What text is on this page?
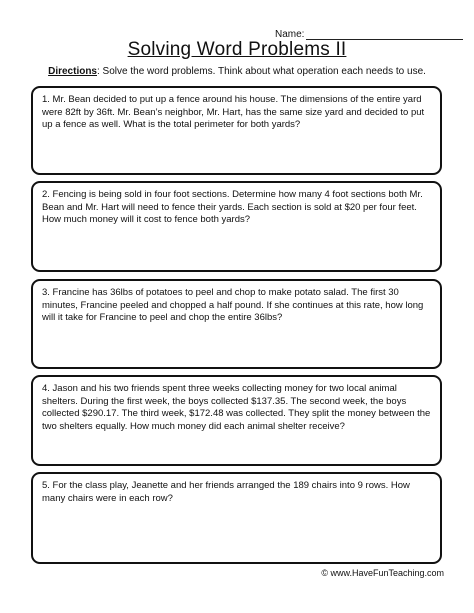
Name:
Solving Word Problems II
Directions: Solve the word problems. Think about what operation each needs to use.

1. Mr. Bean decided to put up a fence around his house. The dimensions of the entire yard were 82ft by 36ft. Mr. Bean’s neighbor, Mr. Hart, has the same size yard and decided to put up a fence as well. What is the total perimeter for both yards?

2. Fencing is being sold in four foot sections. Determine how many 4 foot sections both Mr. Bean and Mr. Hart will need to fence their yards. Each section is sold at $20 per four feet. How much money will it cost to fence both yards?

3. Francine has 36lbs of potatoes to peel and chop to make potato salad. The first 30 minutes, Francine peeled and chopped a half pound. If she continues at this rate, how long will it take for Francine to peel and chop the entire 36lbs?

4. Jason and his two friends spent three weeks collecting money for two local animal shelters. During the first week, the boys collected $137.35. The second week, the boys collected $290.17. The third week, $172.48 was collected. They split the money between the two shelters equally. How much money did each animal shelter receive?

5. For the class play, Jeanette and her friends arranged the 189 chairs into 9 rows. How many chairs were in each row?

© www.HaveFunTeaching.com
